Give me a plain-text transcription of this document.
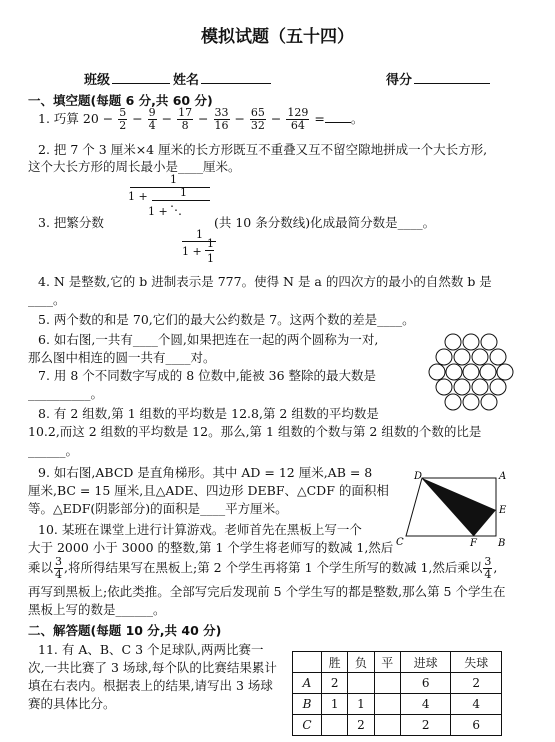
模拟试题（五十四）
班级	姓名	得分
一、填空题(每题 6 分,共 60 分)
1. 巧算 $20 - \frac{5}{2} - \frac{9}{4} - \frac{17}{8} - \frac{33}{16} - \frac{65}{32} - \frac{129}{64}$ = 。
2. 把 7 个 3 厘米×4 厘米的长方形既互不重叠又互不留空隙地拼成一个大长方形,
这个大长方形的周长最小是____厘米。
3. 把繁分数
1
1 +	1
1 + ⋱
1
1 +
1
1
(共 10 条分数线)化成最简分数是____。
4. N 是整数,它的 b 进制表示是 777。使得 N 是 a 的四次方的最小的自然数 b 是
____。
5. 两个数的和是 70,它们的最大公约数是 7。这两个数的差是____。
6. 如右图,一共有____个圆,如果把连在一起的两个圆称为一对,
那么图中相连的圆一共有____对。
7. 用 8 个不同数字写成的 8 位数中,能被 36 整除的最大数是
__________。
8. 有 2 组数,第 1 组数的平均数是 12.8,第 2 组数的平均数是
10.2,而这 2 组数的平均数是 12。那么,第 1 组数的个数与第 2 组数的个数的比是
______。
9. 如右图,ABCD 是直角梯形。其中 AD = 12 厘米,AB = 8
厘米,BC = 15 厘米,且△ADE、四边形 DEBF、△CDF 的面积相
等。△EDF(阴影部分)的面积是____平方厘米。
D	A
E
C	F B
10. 某班在课堂上进行计算游戏。老师首先在黑板上写一个
大于 2000 小于 3000 的整数,第 1 个学生将老师写的数减 1,然后
乘以 $\frac{3}{4}$ ,将所得结果写在黑板上;第 2 个学生再将第 1 个学生所写的数减 1,然后乘以 $\frac{3}{4}$ ,
再写到黑板上;依此类推。全部写完后发现前 5 个学生写的都是整数,那么第 5 个学生在
黑板上写的数是______。
二、解答题(每题 10 分,共 40 分)
11. 有 A、B、C 3 个足球队,两两比赛一
次,一共比赛了 3 场球,每个队的比赛结果累计
填在右表内。根据表上的结果,请写出 3 场球
赛的具体比分。
	胜	负	平	进球	失球
A	2			6	2
B	1	1		4	4
C		2		2	6
